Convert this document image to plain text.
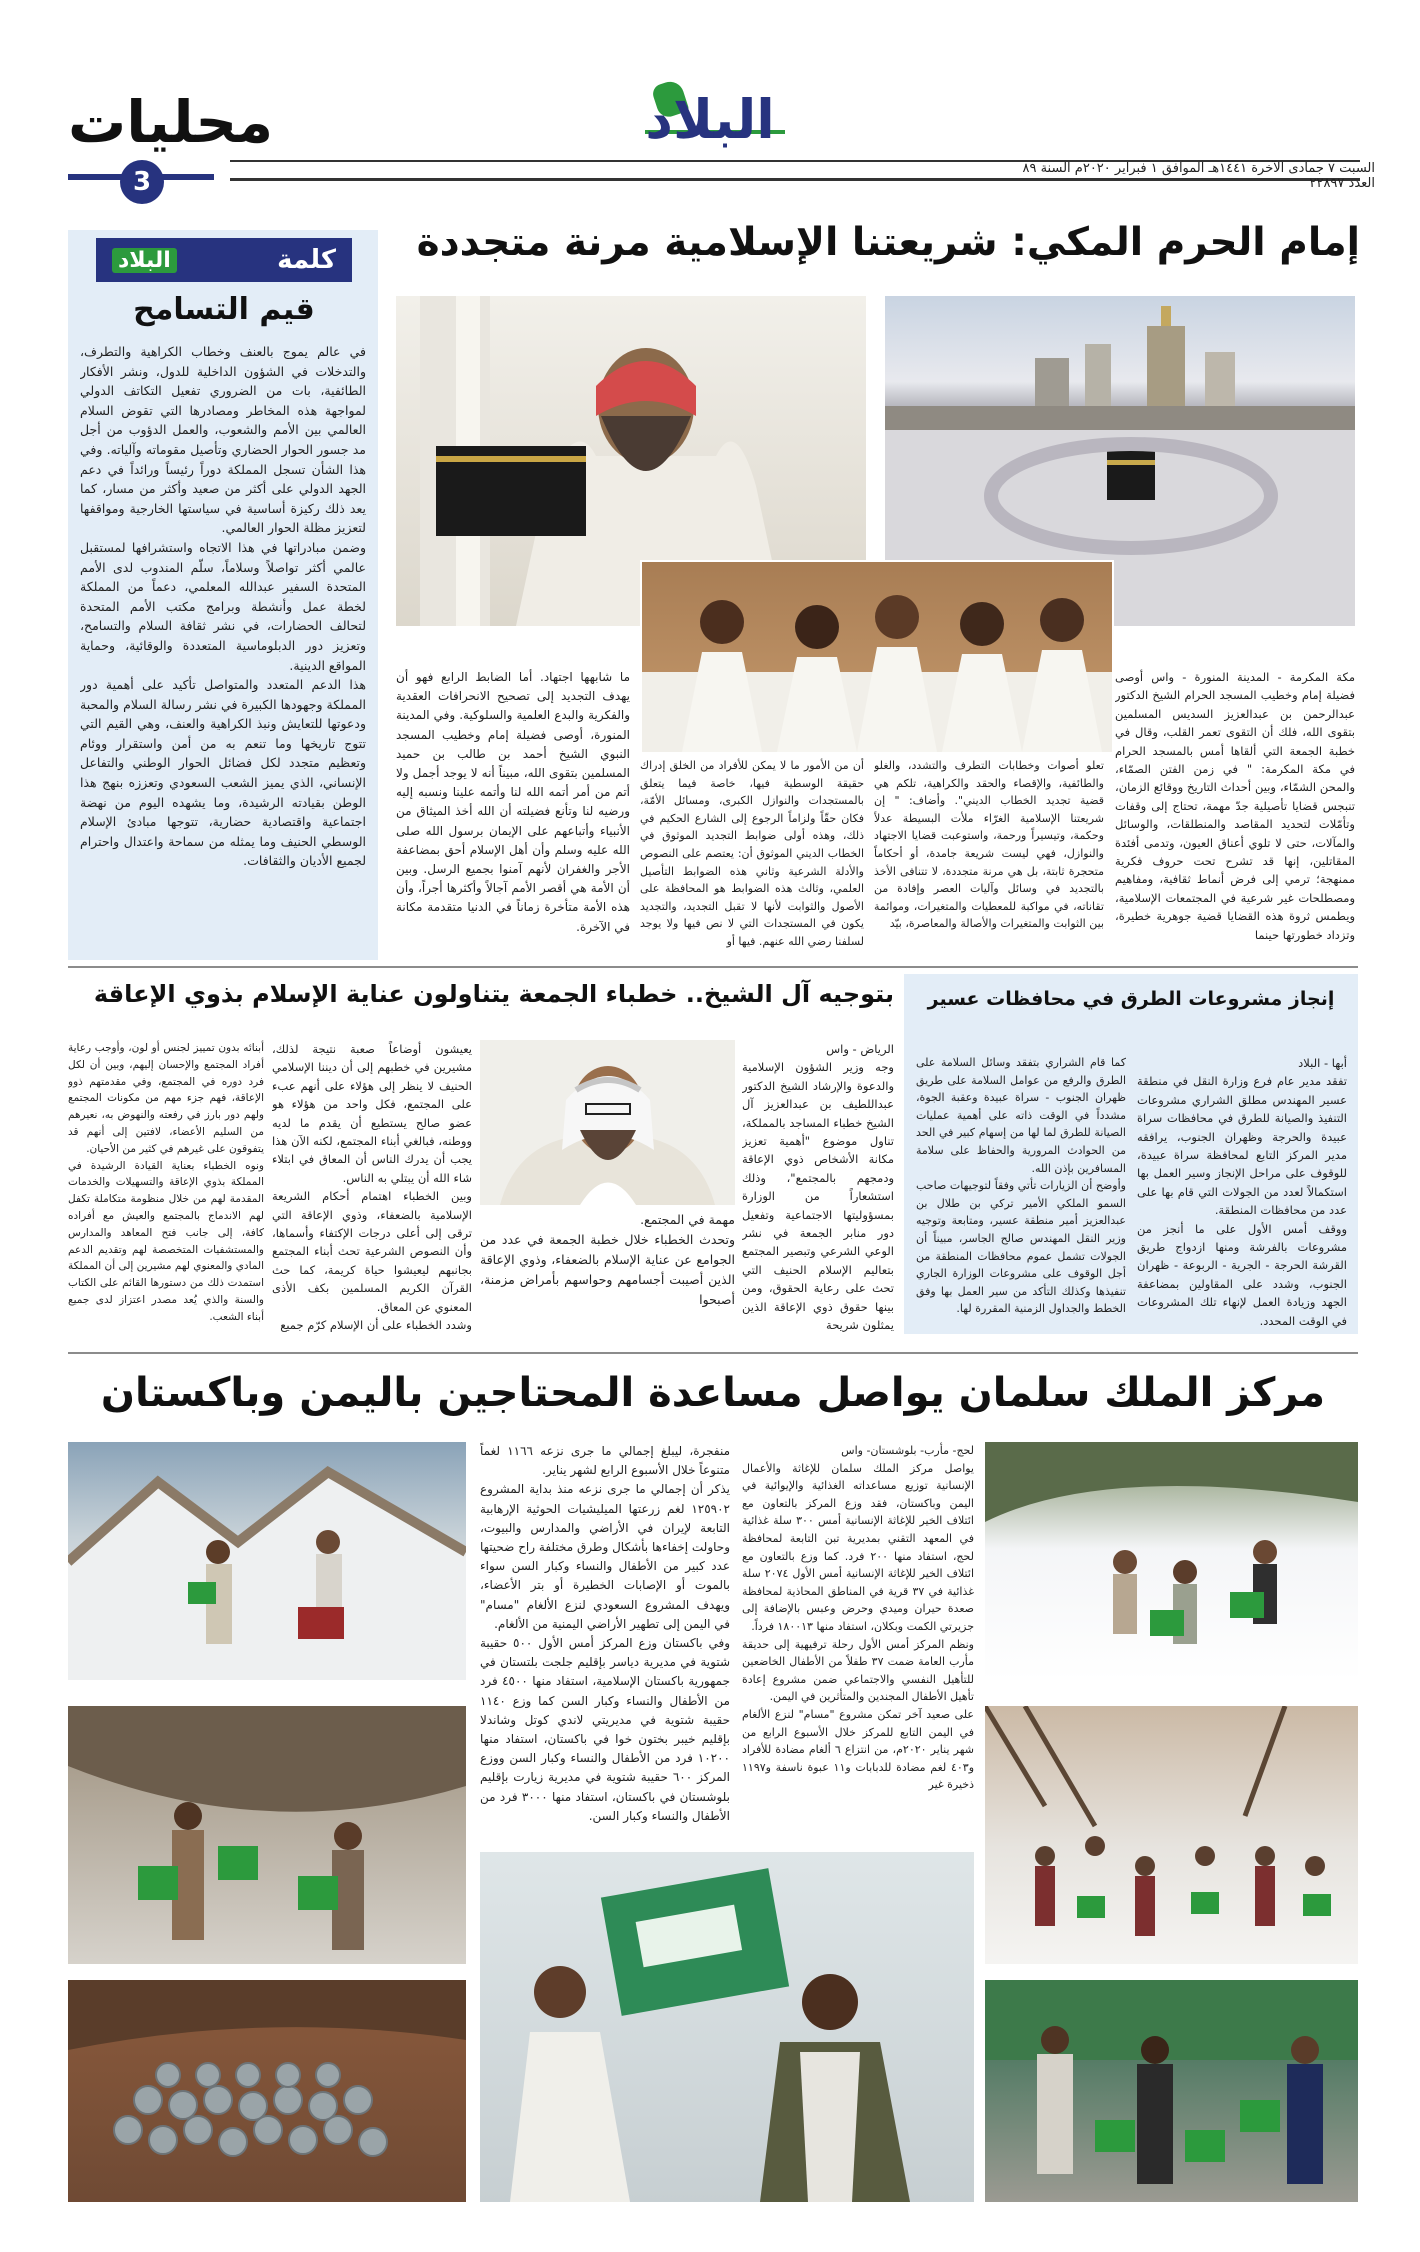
البلاد
محليات
3	السبت ٧ جمادى الآخرة ١٤٤١هـ الموافق ١ فبراير ٢٠٢٠م السنة ٨٩ العدد ٢٢٨٩٧
إمام الحرم المكي: شريعتنا الإسلامية مرنة متجددة
مكة المكرمة - المدينة المنورة - واس أوصى فضيلة إمام وخطيب المسجد الحرام الشيخ الدكتور عبدالرحمن بن عبدالعزيز السديس المسلمين بتقوى الله، فلك أن التقوى تعمر القلب، وقال في خطبة الجمعة التي ألقاها أمس بالمسجد الحرام في مكة المكرمة: " في زمن الفتن الصمّاء، والمحن الشمّاء، وبين أحداث التاريخ ووقائع الزمان، تنبجس قضايا تأصيلية جدّ مهمة، تحتاج إلى وقفات وتأمّلات لتحديد المقاصد والمنطلقات، والوسائل والمآلات، حتى لا تلوي أعناق العيون، وتدمى أفئدة المقاتلين، إنها قد تشرح تحت حروف فكرية ممنهجة؛ ترمي إلى فرض أنماط ثقافية، ومفاهيم ومصطلحات غير شرعية في المجتمعات الإسلامية، ويطمس ثروة هذه القضايا قضية جوهرية خطيرة، وتزداد خطورتها حينما
تعلو أصوات وخطابات التطرف والتشدد، والغلو والطائفية، والإقصاء والحقد والكراهية، تلكم هي قضية تجديد الخطاب الديني". وأضاف: " إن شريعتنا الإسلامية الغرّاء ملأت البسيطة عدلاً وحكمة، وتيسيراً ورحمة، واستوعبت قضايا الاجتهاد والنوازل، فهي ليست شريعة جامدة، أو أحكاماً متحجرة ثابتة، بل هي مرنة متجددة، لا تتنافى الأخذ بالتجديد في وسائل وآليات العصر وإفادة من تقاناته، في مواكبة للمعطيات والمتغيرات، وموائمة بين الثوابت والمتغيرات والأصالة والمعاصرة، بيّد
أن من الأمور ما لا يمكن للأفراد من الخلق إدراك حقيقة الوسطية فيها، خاصة فيما يتعلق بالمستجدات والنوازل الكبرى، ومسائل الأمّة، فكان حقّاً ولزاماً الرجوع إلى الشارع الحكيم في ذلك، وهذه أولى ضوابط التجديد الموثوق في الخطاب الديني الموثوق أن: يعتصم على النصوص والأدلة الشرعية وثاني هذه الضوابط التأصيل العلمي، وثالث هذه الضوابط هو المحافظة على الأصول والثوابت لأنها لا تقبل التجديد، والتجديد يكون في المستجدات التي لا نص فيها ولا يوجد لسلفنا رضي الله عنهم. فيها أو
ما شابهها اجتهاد. أما الضابط الرابع فهو أن يهدف التجديد إلى تصحيح الانحرافات العقدية والفكرية والبدع العلمية والسلوكية. وفي المدينة المنورة، أوصى فضيلة إمام وخطيب المسجد النبوي الشيخ أحمد بن طالب بن حميد المسلمين بتقوى الله، مبيناً أنه لا يوجد أجمل ولا أتم من أمر أتمه الله لنا وأتمه علينا ونسبه إليه ورضيه لنا وتأنع فضيلته أن الله أخذ الميثاق من الأنبياء وأتباعهم على الإيمان برسول الله صلى الله عليه وسلم وأن أهل الإسلام أحق بمضاعفة الأجر والغفران لأنهم آمنوا بجميع الرسل. وبين أن الأمة هي أقصر الأمم آجالاً وأكثرها أجراً، وأن هذه الأمة متأخرة زماناً في الدنيا متقدمة مكانة في الآخرة.
كلمة
البلاد
قيم التسامح
في عالم يموج بالعنف وخطاب الكراهية والتطرف، والتدخلات في الشؤون الداخلية للدول، ونشر الأفكار الطائفية، بات من الضروري تفعيل التكاتف الدولي لمواجهة هذه المخاطر ومصادرها التي تقوض السلام العالمي بين الأمم والشعوب، والعمل الدؤوب من أجل مد جسور الحوار الحضاري وتأصيل مقوماته وآلياته. وفي هذا الشأن تسجل المملكة دوراً رئيساً ورائداً في دعم الجهد الدولي على أكثر من صعيد وأكثر من مسار، كما يعد ذلك ركيزة أساسية في سياستها الخارجية ومواقفها لتعزيز مظلة الحوار العالمي.
وضمن مبادراتها في هذا الاتجاه واستشرافها لمستقبل عالمي أكثر تواصلاً وسلاماً، سلّم المندوب لدى الأمم المتحدة السفير عبدالله المعلمي، دعماً من المملكة لخطة عمل وأنشطة وبرامج مكتب الأمم المتحدة لتحالف الحضارات، في نشر ثقافة السلام والتسامح، وتعزيز دور الدبلوماسية المتعددة والوقائية، وحماية المواقع الدينية.
هذا الدعم المتعدد والمتواصل تأكيد على أهمية دور المملكة وجهودها الكبيرة في نشر رسالة السلام والمحبة ودعوتها للتعايش ونبذ الكراهية والعنف، وهي القيم التي تتوج تاريخها وما تنعم به من أمن واستقرار ووئام وتعظيم متجدد لكل فضائل الحوار الوطني والتفاعل الإنساني، الذي يميز الشعب السعودي وتعززه بنهج هذا الوطن بقيادته الرشيدة، وما يشهده اليوم من نهضة اجتماعية واقتصادية حضارية، تتوجها مبادئ الإسلام الوسطي الحنيف وما يمثله من سماحة واعتدال واحترام لجميع الأديان والثقافات.
إنجاز مشروعات الطرق في محافظات عسير
أبها - البلاد
تفقد مدير عام فرع وزارة النقل في منطقة عسير المهندس مطلق الشراري مشروعات التنفيذ والصيانة للطرق في محافظات سراة عبيدة والحرجة وظهران الجنوب، يرافقه مدير المركز التابع لمحافظة سراة عبيدة، للوقوف على مراحل الإنجاز وسير العمل بها استكمالاً لعدد من الجولات التي قام بها على عدد من محافظات المنطقة.
ووقف أمس الأول على ما أنجز من مشروعات بالفرشة ومنها ازدواج طريق القرشة الحرجة - الجرية - الربوعة - ظهران الجنوب، وشدد على المقاولين بمضاعفة الجهد وزيادة العمل لإنهاء تلك المشروعات في الوقت المحدد.
كما قام الشراري بتفقد وسائل السلامة على الطرق والرفع من عوامل السلامة على طريق ظهران الجنوب - سراة عبيدة وعقبة الجوة، مشدداً في الوقت ذاته على أهمية عمليات الصيانة للطرق لما لها من إسهام كبير في الحد من الحوادث المرورية والحفاظ على سلامة المسافرين بإذن الله.
وأوضح أن الزيارات تأتي وفقاً لتوجيهات صاحب السمو الملكي الأمير تركي بن طلال بن عبدالعزيز أمير منطقة عسير، ومتابعة وتوجيه وزير النقل المهندس صالح الجاسر، مبيناً أن الجولات تشمل عموم محافظات المنطقة من أجل الوقوف على مشروعات الوزارة الجاري تنفيذها وكذلك التأكد من سير العمل بها وفق الخطط والجداول الزمنية المقررة لها.
بتوجيه آل الشيخ.. خطباء الجمعة يتناولون عناية الإسلام بذوي الإعاقة
الرياض - واس
وجه وزير الشؤون الإسلامية والدعوة والإرشاد الشيخ الدكتور عبداللطيف بن عبدالعزيز آل الشيخ خطباء المساجد بالمملكة، تناول موضوع "أهمية تعزيز مكانة الأشخاص ذوي الإعاقة ودمجهم بالمجتمع"، وذلك استشعاراً من الوزارة بمسؤوليتها الاجتماعية وتفعيل دور منابر الجمعة في نشر الوعي الشرعي وتبصير المجتمع بتعاليم الإسلام الحنيف التي تحث على رعاية الحقوق، ومن بينها حقوق ذوي الإعاقة الذين يمثلون شريحة
مهمة في المجتمع.
وتحدث الخطباء خلال خطبة الجمعة في عدد من الجوامع عن عناية الإسلام بالضعفاء، وذوي الإعاقة الذين أصيبت أجسامهم وحواسهم بأمراض مزمنة، أصبحوا
يعيشون أوضاعاً صعبة نتيجة لذلك، مشيرين في خطبهم إلى أن ديننا الإسلامي الحنيف لا ينظر إلى هؤلاء على أنهم عبء على المجتمع، فكل واحد من هؤلاء هو عضو صالح يستطيع أن يقدم ما لديه ووطنه، فبالغي أبناء المجتمع، لكنه الآن هذا يجب أن يدرك الناس أن المعاق في ابتلاء شاء الله أن يبتلي به الناس.
وبين الخطباء اهتمام أحكام الشريعة الإسلامية بالضعفاء، وذوي الإعاقة التي ترقى إلى أعلى درجات الإكتفاء وأسماها، وأن النصوص الشرعية تحث أبناء المجتمع بجانبهم ليعيشوا حياة كريمة، كما حث القرآن الكريم المسلمين بكف الأذى المعنوي عن المعاق.
وشدد الخطباء على أن الإسلام كرّم جميع
أبنائه بدون تمييز لجنس أو لون، وأوجب رعاية أفراد المجتمع والإحسان إليهم، وبين أن لكل فرد دوره في المجتمع، وفي مقدمتهم ذوو الإعاقة، فهم جزء مهم من مكونات المجتمع ولهم دور بارز في رفعته والنهوض به، نعيرهم من السليم الأعضاء، لافتين إلى أنهم قد يتفوقون على غيرهم في كثير من الأحيان.
ونوه الخطباء بعناية القيادة الرشيدة في المملكة بذوي الإعاقة والتسهيلات والخدمات المقدمة لهم من خلال منظومة متكاملة تكفل لهم الاندماج بالمجتمع والعيش مع أفراده كافة، إلى جانب فتح المعاهد والمدارس والمستشفيات المتخصصة لهم وتقديم الدعم المادي والمعنوي لهم مشيرين إلى أن المملكة استمدت ذلك من دستورها القائم على الكتاب والسنة والذي يُعد مصدر اعتزاز لدى جميع أبناء الشعب.
مركز الملك سلمان يواصل مساعدة المحتاجين باليمن وباكستان
لحج- مأرب- بلوشستان- واس
يواصل مركز الملك سلمان للإغاثة والأعمال الإنسانية توزيع مساعداته الغذائية والإيوائية في اليمن وباكستان، فقد وزع المركز بالتعاون مع ائتلاف الخير للإغاثة الإنسانية أمس ٣٠٠ سلة غذائية في المعهد التقني بمديرية تبن التابعة لمحافظة لحج، استفاد منها ٢٠٠ فرد. كما وزع بالتعاون مع ائتلاف الخير للإغاثة الإنسانية أمس الأول ٢٠٧٤ سلة غذائية في ٣٧ قرية في المناطق المحاذية لمحافظة صعدة حيران وميدي وحرض وعبس بالإضافة إلى جزيرتي الكمت وبكلان، استفاد منها ١٨٠٠١٣ فرداً.
ونظم المركز أمس الأول رحلة ترفيهية إلى حديقة مأرب العامة ضمت ٣٧ طفلاً من الأطفال الخاضعين للتأهيل النفسي والاجتماعي ضمن مشروع إعادة تأهيل الأطفال المجندين والمتأثرين في اليمن.
على صعيد آخر تمكن مشروع "مسام" لنزع الألغام في اليمن التابع للمركز خلال الأسبوع الرابع من شهر يناير ٢٠٢٠م، من انتزاع ٦ ألغام مضادة للأفراد و٤٠٣ لغم مضادة للدبابات و١١ عبوة ناسفة و١١٩٧ ذخيرة غير
منفجرة، ليبلغ إجمالي ما جرى نزعه ١١٦٦ لغماً متنوعاً خلال الأسبوع الرابع لشهر يناير.
يذكر أن إجمالي ما جرى نزعه منذ بداية المشروع ١٢٥٩٠٢ لغم زرعتها الميليشيات الحوثية الإرهابية التابعة لإيران في الأراضي والمدارس والبيوت، وحاولت إخفاءها بأشكال وطرق مختلفة راح ضحيتها عدد كبير من الأطفال والنساء وكبار السن سواء بالموت أو الإصابات الخطيرة أو بتر الأعضاء، ويهدف المشروع السعودي لنزع الألغام "مسام" في اليمن إلى تطهير الأراضي اليمنية من الألغام.
وفي باكستان وزع المركز أمس الأول ٥٠٠ حقيبة شتوية في مديرية دياسر بإقليم جلجت بلتستان في جمهورية باكستان الإسلامية، استفاد منها ٤٥٠٠ فرد من الأطفال والنساء وكبار السن كما وزع ١١٤٠ حقيبة شتوية في مديريتي لاندي كوتل وشاندلا بإقليم خيبر بختون خوا في باكستان، استفاد منها ١٠٢٠٠ فرد من الأطفال والنساء وكبار السن ووزع المركز ٦٠٠ حقيبة شتوية في مديرية زيارت بإقليم بلوشستان في باكستان، استفاد منها ٣٠٠٠ فرد من الأطفال والنساء وكبار السن.
